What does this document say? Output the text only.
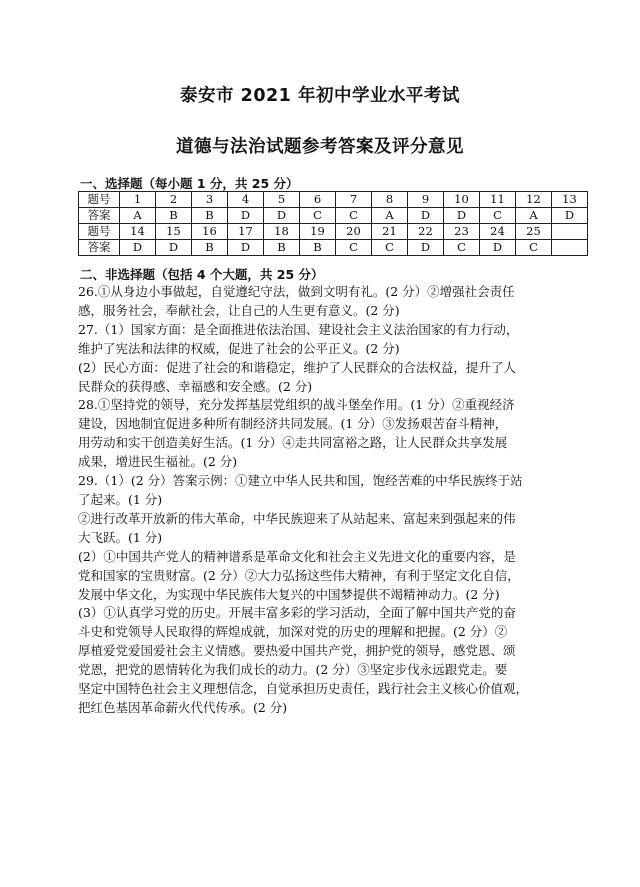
泰安市 2021 年初中学业水平考试
道德与法治试题参考答案及评分意见
一、选择题（每小题 1 分，共 25 分）
题号	1	2	3	4	5	6	7	8	9	10	11	12	13
答案	A	B	B	D	D	C	C	A	D	D	C	A	D
题号	14	15	16	17	18	19	20	21	22	23	24	25	
答案	D	D	B	D	B	B	C	C	D	C	D	C	
二、非选择题（包括 4 个大题，共 25 分）
26.①从身边小事做起，自觉遵纪守法，做到文明有礼。(2 分）②增强社会责任
感，服务社会，奉献社会，让自己的人生更有意义。(2 分)
27.（1）国家方面：是全面推进依法治国、建设社会主义法治国家的有力行动，
维护了宪法和法律的权威，促进了社会的公平正义。(2 分)
(2）民心方面：促进了社会的和谐稳定，维护了人民群众的合法权益，提升了人
民群众的获得感、幸福感和安全感。(2 分)
28.①坚持党的领导，充分发挥基层党组织的战斗堡垒作用。(1 分）②重视经济
建设，因地制宜促进多种所有制经济共同发展。(1 分）③发扬艰苦奋斗精神，
用劳动和实干创造美好生活。(1 分）④走共同富裕之路，让人民群众共享发展
成果，增进民生福祉。(2 分)
29.（1）(2 分）答案示例：①建立中华人民共和国，饱经苦难的中华民族终于站
了起来。(1 分)
②进行改革开放新的伟大革命，中华民族迎来了从站起来、富起来到强起来的伟
大飞跃。(1 分)
(2）①中国共产党人的精神谱系是革命文化和社会主义先进文化的重要内容，是
党和国家的宝贵财富。(2 分）②大力弘扬这些伟大精神，有利于坚定文化自信，
发展中华文化，为实现中华民族伟大复兴的中国梦提供不竭精神动力。(2 分)
(3）①认真学习党的历史。开展丰富多彩的学习活动，全面了解中国共产党的奋
斗史和党领导人民取得的辉煌成就，加深对党的历史的理解和把握。(2 分）②
厚植爱党爱国爱社会主义情感。要热爱中国共产党，拥护党的领导，感党恩、颂
党恩，把党的恩情转化为我们成长的动力。(2 分）③坚定步伐永远跟党走。要
坚定中国特色社会主义理想信念，自觉承担历史责任，践行社会主义核心价值观，
把红色基因革命薪火代代传承。(2 分)
